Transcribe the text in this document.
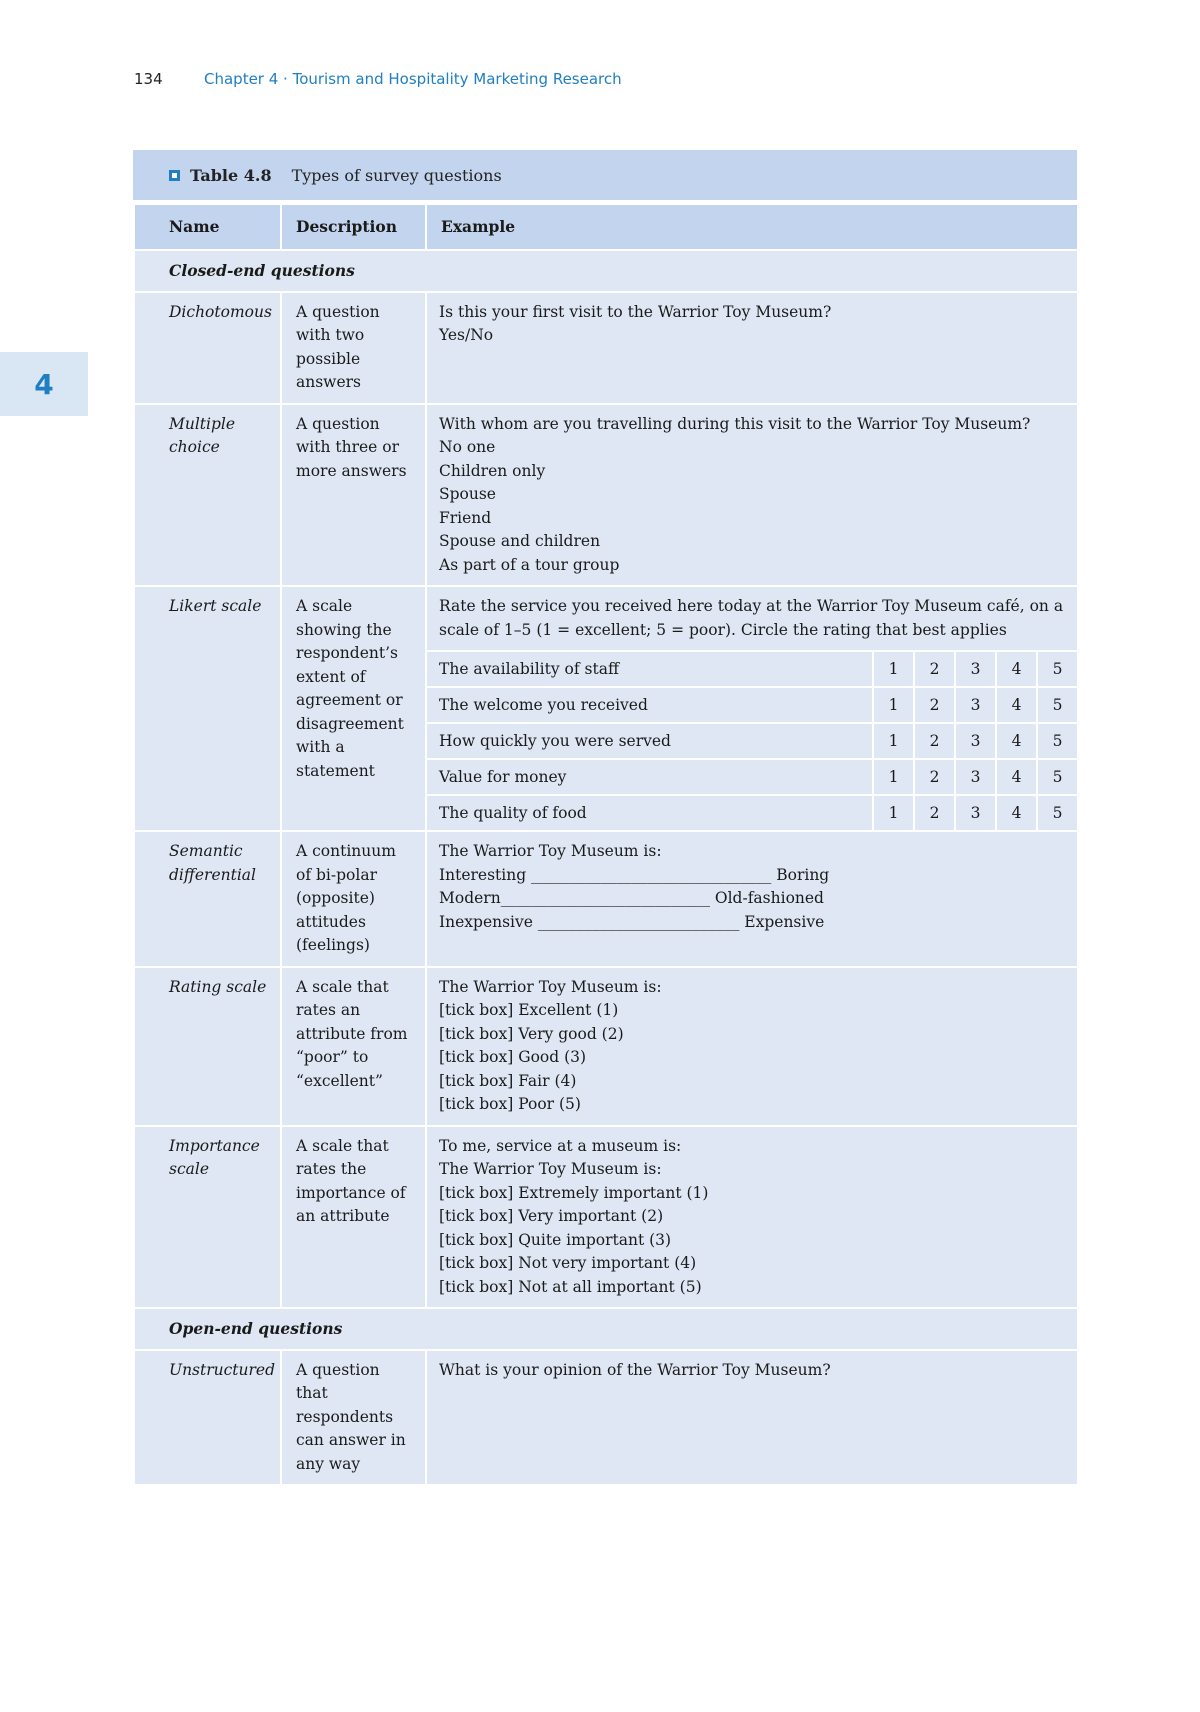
134	Chapter 4 · Tourism and Hospitality Marketing Research
4
Table 4.8 Types of survey questions
Name	Description	Example
Closed-end questions
Dichotomous	A question with two possible answers	
Is this your first visit to the Warrior Toy Museum?
Yes/No

Multiple choice	A question with three or more answers	
With whom are you travelling during this visit to the Warrior Toy Museum?
No one
Children only
Spouse
Friend
Spouse and children
As part of a tour group

Likert scale	A scale showing the respondent’s extent of agreement or disagreement with a statement	
Rate the service you received here today at the Warrior Toy Museum café, on a scale of 1–5 (1 = excellent; 5 = poor). Circle the rating that best applies
The availability of staff	1	2	3	4	5
The welcome you received	1	2	3	4	5
How quickly you were served	1	2	3	4	5
Value for money	1	2	3	4	5
The quality of food	1	2	3	4	5

Semantic differential	A continuum of bi-polar (opposite) attitudes (feelings)	
The Warrior Toy Museum is:
Interesting _______________________________ Boring
Modern___________________________ Old-fashioned
Inexpensive __________________________ Expensive

Rating scale	A scale that rates an attribute from “poor” to “excellent”	
The Warrior Toy Museum is:
[tick box] Excellent (1)
[tick box] Very good (2)
[tick box] Good (3)
[tick box] Fair (4)
[tick box] Poor (5)

Importance scale	A scale that rates the importance of an attribute	
To me, service at a museum is:
The Warrior Toy Museum is:
[tick box] Extremely important (1)
[tick box] Very important (2)
[tick box] Quite important (3)
[tick box] Not very important (4)
[tick box] Not at all important (5)

Open-end questions
Unstructured	A question that respondents can answer in any way	
What is your opinion of the Warrior Toy Museum?
